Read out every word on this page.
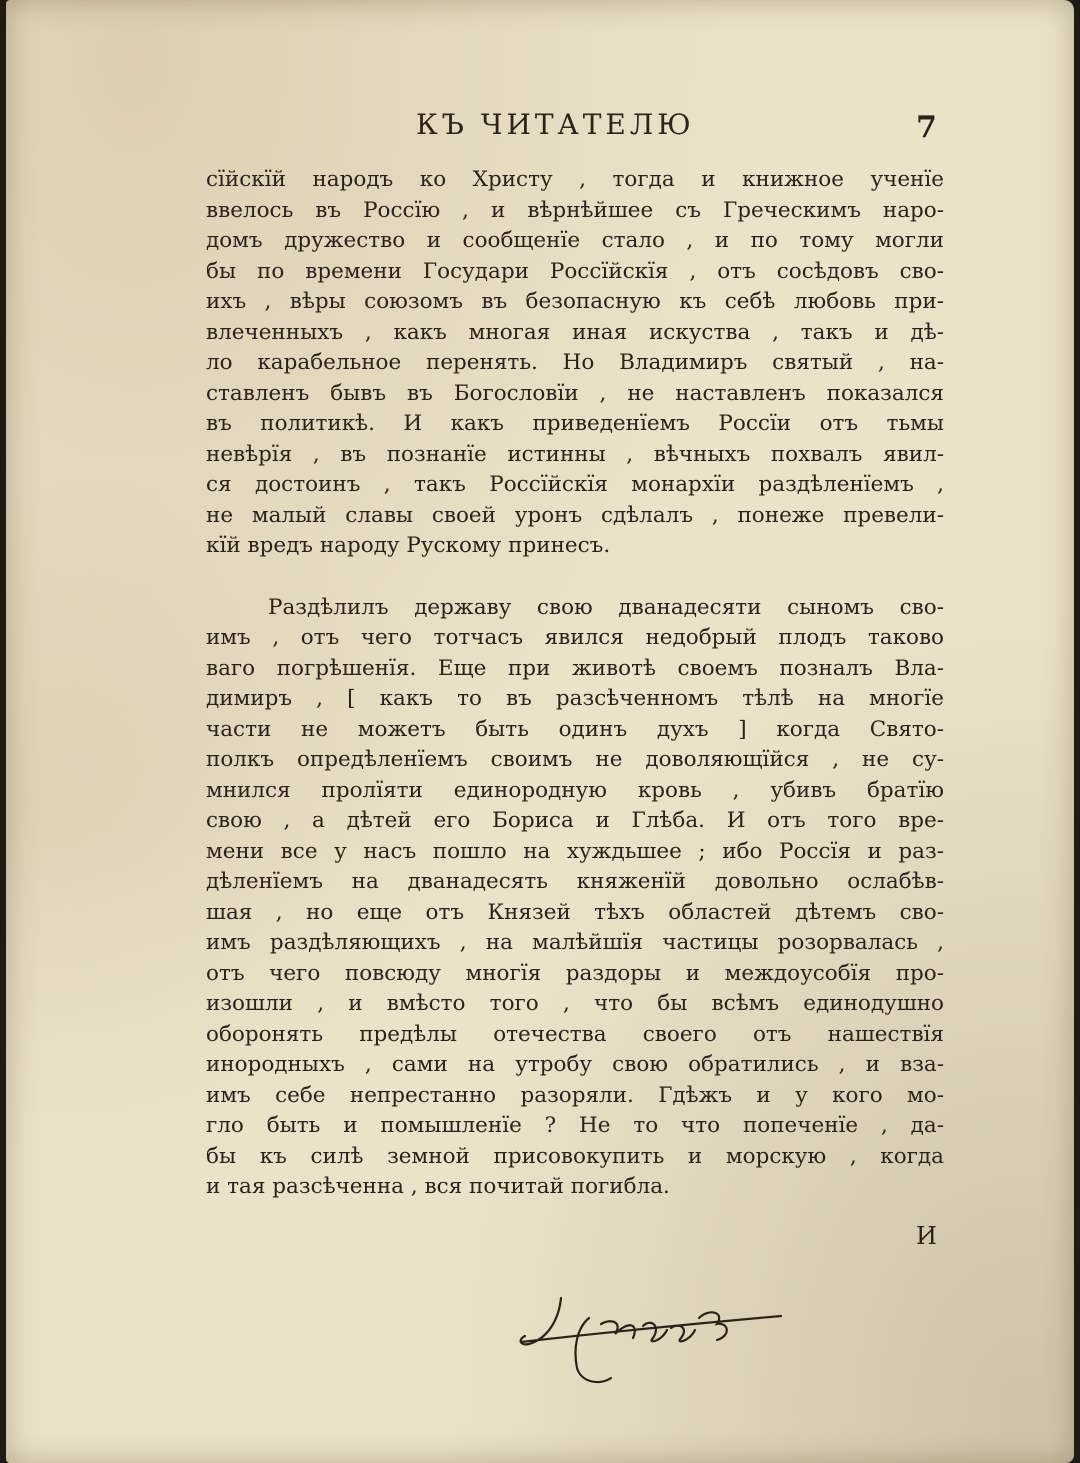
КЪ ЧИТАТЕЛЮ	7
сїйскїй народъ ко Христу , тогда и книжное ученїе
ввелось въ Россїю , и вѣрнѣйшее съ Греческимъ наро-
домъ дружество и сообщенїе стало , и по тому могли
бы по времени Государи Россїйскїя , отъ сосѣдовъ сво-
ихъ , вѣры союзомъ въ безопасную къ себѣ любовь при-
влеченныхъ , какъ многая иная искуства , такъ и дѣ-
ло карабельное перенять. Но Владимиръ святый , на-
ставленъ бывъ въ Богословїи , не наставленъ показался
въ политикѣ. И какъ приведенїемъ Россїи отъ тьмы
невѣрїя , въ познанїе истинны , вѣчныхъ похвалъ явил-
ся достоинъ , такъ Россїйскїя монархїи раздѣленїемъ ,
не малый славы своей уронъ сдѣлалъ , понеже превели-
кїй вредъ народу Рускому принесъ.
Раздѣлилъ державу свою дванадесяти сыномъ сво-
имъ , отъ чего тотчасъ явился недобрый плодъ таково
ваго погрѣшенїя. Еще при животѣ своемъ позналъ Вла-
димиръ , [ какъ то въ разсѣченномъ тѣлѣ на многїе
части не можетъ быть одинъ духъ ] когда Свято-
полкъ опредѣленїемъ своимъ не доволяющїйся , не су-
мнился пролїяти единородную кровь , убивъ братїю
свою , а дѣтей его Бориса и Глѣба. И отъ того вре-
мени все у насъ пошло на хуждьшее ; ибо Россїя и раз-
дѣленїемъ на дванадесять княженїй довольно ослабѣв-
шая , но еще отъ Князей тѣхъ областей дѣтемъ сво-
имъ раздѣляющихъ , на малѣйшїя частицы розорвалась ,
отъ чего повсюду многїя раздоры и междоусобїя про-
изошли , и вмѣсто того , что бы всѣмъ единодушно
оборонять предѣлы отечества своего отъ нашествїя
инородныхъ , сами на утробу свою обратились , и вза-
имъ себе непрестанно разоряли. Гдѣжъ и у кого мо-
гло быть и помышленїе ? Не то что попеченїе , да-
бы къ силѣ земной присовокупить и морскую , когда
и тая разсѣченна , вся почитай погибла.
И
